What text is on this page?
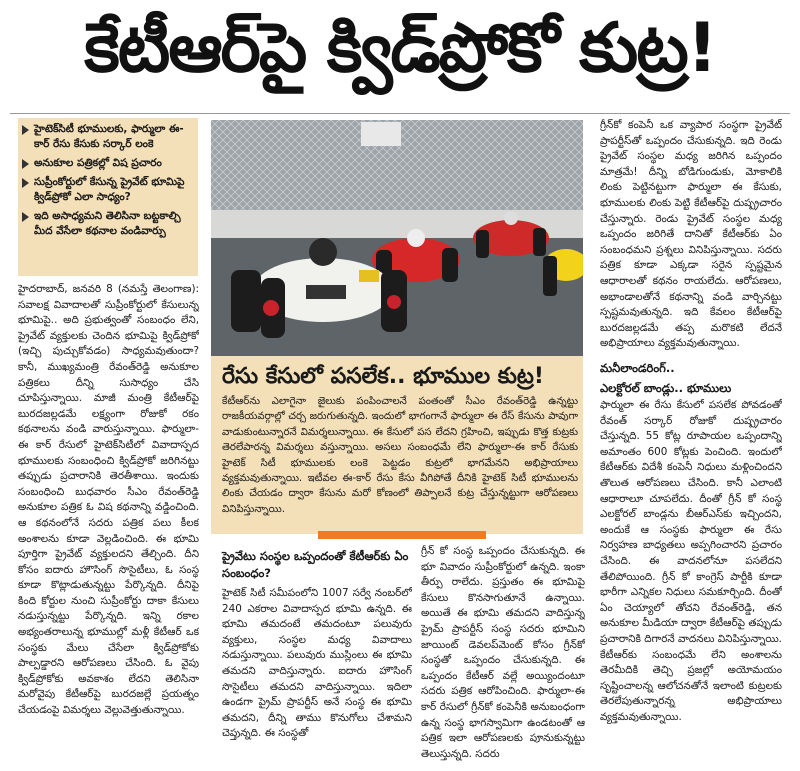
కేటీఆర్‌పై క్విడ్‌ప్రోకో కుట్ర!
హైటెక్‌సిటీ భూములకు, ఫార్ములా ఈ-కార్‌ రేసు కేసుకు సర్కార్‌ లంకె
అనుకూల పత్రికల్లో విష ప్రచారం
సుప్రీంకోర్టులో కేసున్న ప్రైవేట్‌ భూమిపై క్విడ్‌ప్రోకో ఎలా సాధ్యం?
ఇది అసాధ్యమని తెలిసినా బట్టకాల్చి మీద వేసేలా కథనాల వండివార్పు

హైదరాబాద్‌, జనవరి 8 (నమస్తే తెలంగాణ): సవాలక్ష వివాదాలతో సుప్రీంకోర్టులో కేసులున్న భూమిపై.. అది ప్రభుత్వంతో సంబంధం లేని, ప్రైవేట్‌ వ్యక్తులకు చెందిన భూమిపై క్విడ్‌ప్రోకో (ఇచ్చి పుచ్చుకోవడం) సాధ్యమవుతుందా? కానీ, ముఖ్యమంత్రి రేవంత్‌రెడ్డి అనుకూల పత్రికలు దీన్ని సుసాధ్యం చేసి చూపిస్తున్నాయి. మాజీ మంత్రి కేటీఆర్‌పై బురదజల్లడమే లక్ష్యంగా రోజుకో రకం కథనాలను వండి వారుస్తున్నాయి. ఫార్ములా-ఈ కార్‌ రేసులో హైటెక్‌సిటీలో వివాదాస్పద భూములకు సంబంధించి క్విడ్‌ప్రోకో జరిగినట్టు తప్పుడు ప్రచారానికి తెరతీశాయి. ఇందుకు సంబంధించి బుధవారం సీఎం రేవంత్‌రెడ్డి అనుకూల పత్రిక ఓ విష కథనాన్ని వడ్డించింది. ఆ కథనంలోనే సదరు పత్రిక పలు కీలక అంశాలను కూడా వెల్లడించింది. ఈ భూమి పూర్తిగా ప్రైవేట్‌ వ్యక్తులదని తేల్చింది. దీని కోసం ఐదారు హౌసింగ్‌ సొసైటీలు, ఓ సంస్థ కూడా కొట్లాడుతున్నట్టు పేర్కొన్నది. దీనిపై కింది కోర్టుల నుంచి సుప్రీంకోర్టు దాకా కేసులు నడుస్తున్నట్టు పేర్కొన్నది. ఇన్ని రకాల అభ్యంతరాలున్న భూముల్లో మళ్లీ కేటీఆర్‌ ఒక సంస్థకు మేలు చేసేలా క్విడ్‌ప్రోకోకు పాల్పడ్డారని ఆరోపణలు చేసింది. ఓ వైపు క్విడ్‌ప్రోకోకు అవకాశం లేదని తెలిసినా మరోవైపు కేటీఆర్‌పై బురదజల్లే ప్రయత్నం చేయడంపై విమర్శలు వెల్లువెత్తుతున్నాయి.

రేసు కేసులో పసలేక.. భూముల కుట్ర!
కేటీఆర్‌ను ఎలాగైనా జైలుకు పంపించాలనే పంతంతో సీఎం రేవంత్‌రెడ్డి ఉన్నట్టు రాజకీయవర్గాల్లో చర్చ జరుగుతున్నది. ఇందులో భాగంగానే ఫార్ములా ఈ రేస్‌ కేసును పావుగా వాడుకుంటున్నారనే విమర్శలున్నాయి. ఈ కేసులో పస లేదని గ్రహించి, ఇప్పుడు కొత్త కుట్రకు తెరలేపారన్న విమర్శలు వస్తున్నాయి. అసలు సంబంధమే లేని ఫార్ములా-ఈ కార్‌ రేసుకు హైటెక్‌ సిటీ భూములకు లంకె పెట్టడం కుట్రలో భాగమేనని అభిప్రాయాలు వ్యక్తమవుతున్నాయి. ఇటీవల ఈ-కార్‌ రేసు కేసు వీగిపోతే దీనికి హైటెక్‌ సిటీ భూములను లింకు చేయడం ద్వారా కేసును మరో కోణంలో తిప్పాలనే కుట్ర చేస్తున్నట్టుగా ఆరోపణలు వినిపిస్తున్నాయి.
ప్రైవేటు సంస్థల ఒప్పందంతో కేటీఆర్‌కు ఏం సంబంధం?

హైటెక్‌ సిటీ సమీపంలోని 1007 సర్వే నంబర్‌లో 240 ఎకరాల వివాదాస్పద భూమి ఉన్నది. ఈ భూమి తమదంటే తమదంటూ పలువురు వ్యక్తులు, సంస్థల మధ్య వివాదాలు నడుస్తున్నాయి. పలువురు ముస్లింలు ఈ భూమి తమదని వాదిస్తున్నారు. ఐదారు హౌసింగ్‌ సొసైటీలు తమదని వాదిస్తున్నాయి. ఇదిలా ఉండగా ప్రైమ్‌ ప్రాపర్టీస్‌ అనే సంస్థ ఈ భూమి తమదని, దీన్ని తాము కొనుగోలు చేశామని చెప్తున్నది. ఈ సంస్థతో

గ్రీన్‌ కో సంస్థ ఒప్పందం చేసుకున్నది. ఈ భూ వివాదం సుప్రీంకోర్టులో ఉన్నది. ఇంకా తీర్పు రాలేదు. ప్రస్తుతం ఈ భూమిపై కేసులు కొనసాగుతూనే ఉన్నాయి. అయితే ఈ భూమి తమదని వాదిస్తున్న ప్రైమ్‌ ప్రాపర్టీస్‌ సంస్థ సదరు భూమిని జాయింట్‌ డెవలప్‌మెంట్‌ కోసం గ్రీన్‌కో సంస్థతో ఒప్పందం చేసుకున్నది. ఈ ఒప్పందం కేటీఆర్‌ వల్లే అయ్యిందంటూ సదరు పత్రిక ఆరోపించింది. ఫార్ములా-ఈ కార్‌ రేసులో గ్రీన్‌కో కంపెనీకి అనుబంధంగా ఉన్న సంస్థ భాగస్వామిగా ఉండటంతో ఆ పత్రిక ఇలా ఆరోపణలకు పూనుకున్నట్టు తెలుస్తున్నది. సదరు

గ్రీన్‌కో కంపెనీ ఒక వ్యాపార సంస్థగా ప్రైవేట్‌ ప్రాపర్టీస్‌తో ఒప్పందం చేసుకున్నది. ఇది రెండు ప్రైవేట్‌ సంస్థల మధ్య జరిగిన ఒప్పందం మాత్రమే! దీన్ని బోడిగుండుకు, మోకాలికి లింకు పెట్టినట్టుగా ఫార్ములా ఈ కేసుకు, భూములకు లింకు పెట్టి కేటీఆర్‌పై దుష్ప్రచారం చేస్తున్నారు. రెండు ప్రైవేట్‌ సంస్థల మధ్య ఒప్పందం జరిగితే దానితో కేటీఆర్‌కు ఏం సంబంధమని ప్రశ్నలు వినిపిస్తున్నాయి. సదరు పత్రిక కూడా ఎక్కడా సరైన స్పష్టమైన ఆధారాలతో కథనం రాయలేదు. ఆరోపణలు, అభాండాలతోనే కథనాన్ని వండి వార్చినట్టు స్పష్టమవుతున్నది. ఇది కేవలం కేటీఆర్‌పై బురదజల్లడమే తప్ప మరొకటి లేదనే అభిప్రాయాలు వ్యక్తమవుతున్నాయి.

మనీలాండరింగ్‌..
ఎలక్టోరల్‌ బాండ్లు.. భూములు

ఫార్ములా ఈ రేసు కేసులో పసలేక పోవడంతో రేవంత్‌ సర్కార్‌ రోజుకో దుష్ప్రచారం చేస్తున్నది. 55 కోట్ల రూపాయల ఒప్పందాన్ని అమాంతం 600 కోట్లకు పెంచింది. ఇందులో కేటీఆర్‌కు విదేశీ కంపెనీ నిధులు మళ్లించిందని తొలుత ఆరోపణలు చేసింది. కానీ ఎలాంటి ఆధారాలూ చూపలేదు. దీంతో గ్రీన్‌ కో సంస్థ ఎలక్టోరల్‌ బాండ్లను బీఆర్‌ఎస్‌కు ఇచ్చిందని, అందుకే ఆ సంస్థకు ఫార్ములా ఈ రేసు నిర్వహణ బాధ్యతలు అప్పగించారని ప్రచారం చేసింది. ఈ వాదనలోనూ పసలేదని తేలిపోయింది. గ్రీన్‌ కో కాంగ్రెస్‌ పార్టీకి కూడా భారీగా ఎన్నికల నిధులు సమకూర్చింది. దీంతో ఏం చెయ్యాలో తోచని రేవంత్‌రెడ్డి, తన అనుకూల మీడియా ద్వారా కేటీఆర్‌పై తప్పుడు ప్రచారానికి దిగారనే వాదనలు వినిపిస్తున్నాయి. కేటీఆర్‌కు సంబంధమే లేని అంశాలను తెరమీదికి తెచ్చి ప్రజల్లో అయోమయం సృష్టించాలన్న ఆలోచనతోనే ఇలాంటి కుట్రలకు తెరలేపుతున్నారన్న అభిప్రాయాలు వ్యక్తమవుతున్నాయి.
